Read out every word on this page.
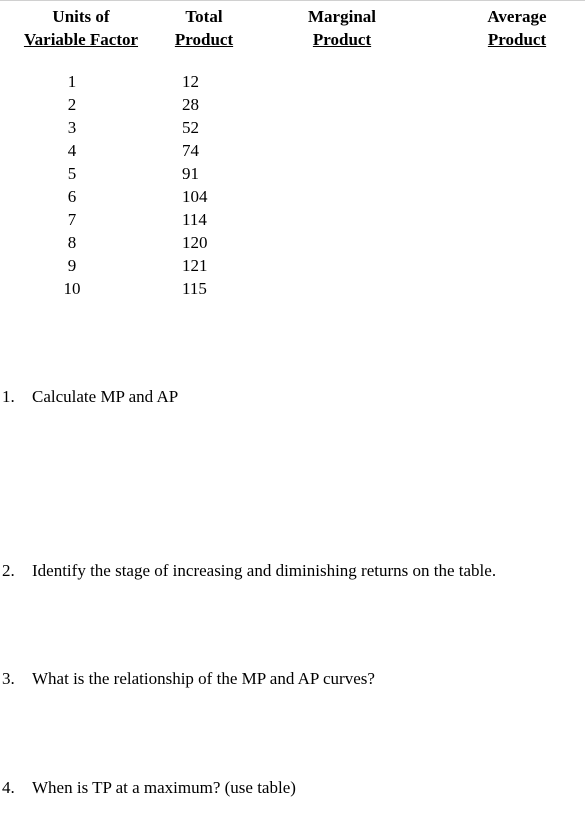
Units of
Variable Factor
Total
Product
Marginal
Product
Average
Product
1
2
3
4
5
6
7
8
9
10
12
28
52
74
91
104
114
120
121
115
1. Calculate MP and AP
2. Identify the stage of increasing and diminishing returns on the table.
3. What is the relationship of the MP and AP curves?
4. When is TP at a maximum? (use table)
